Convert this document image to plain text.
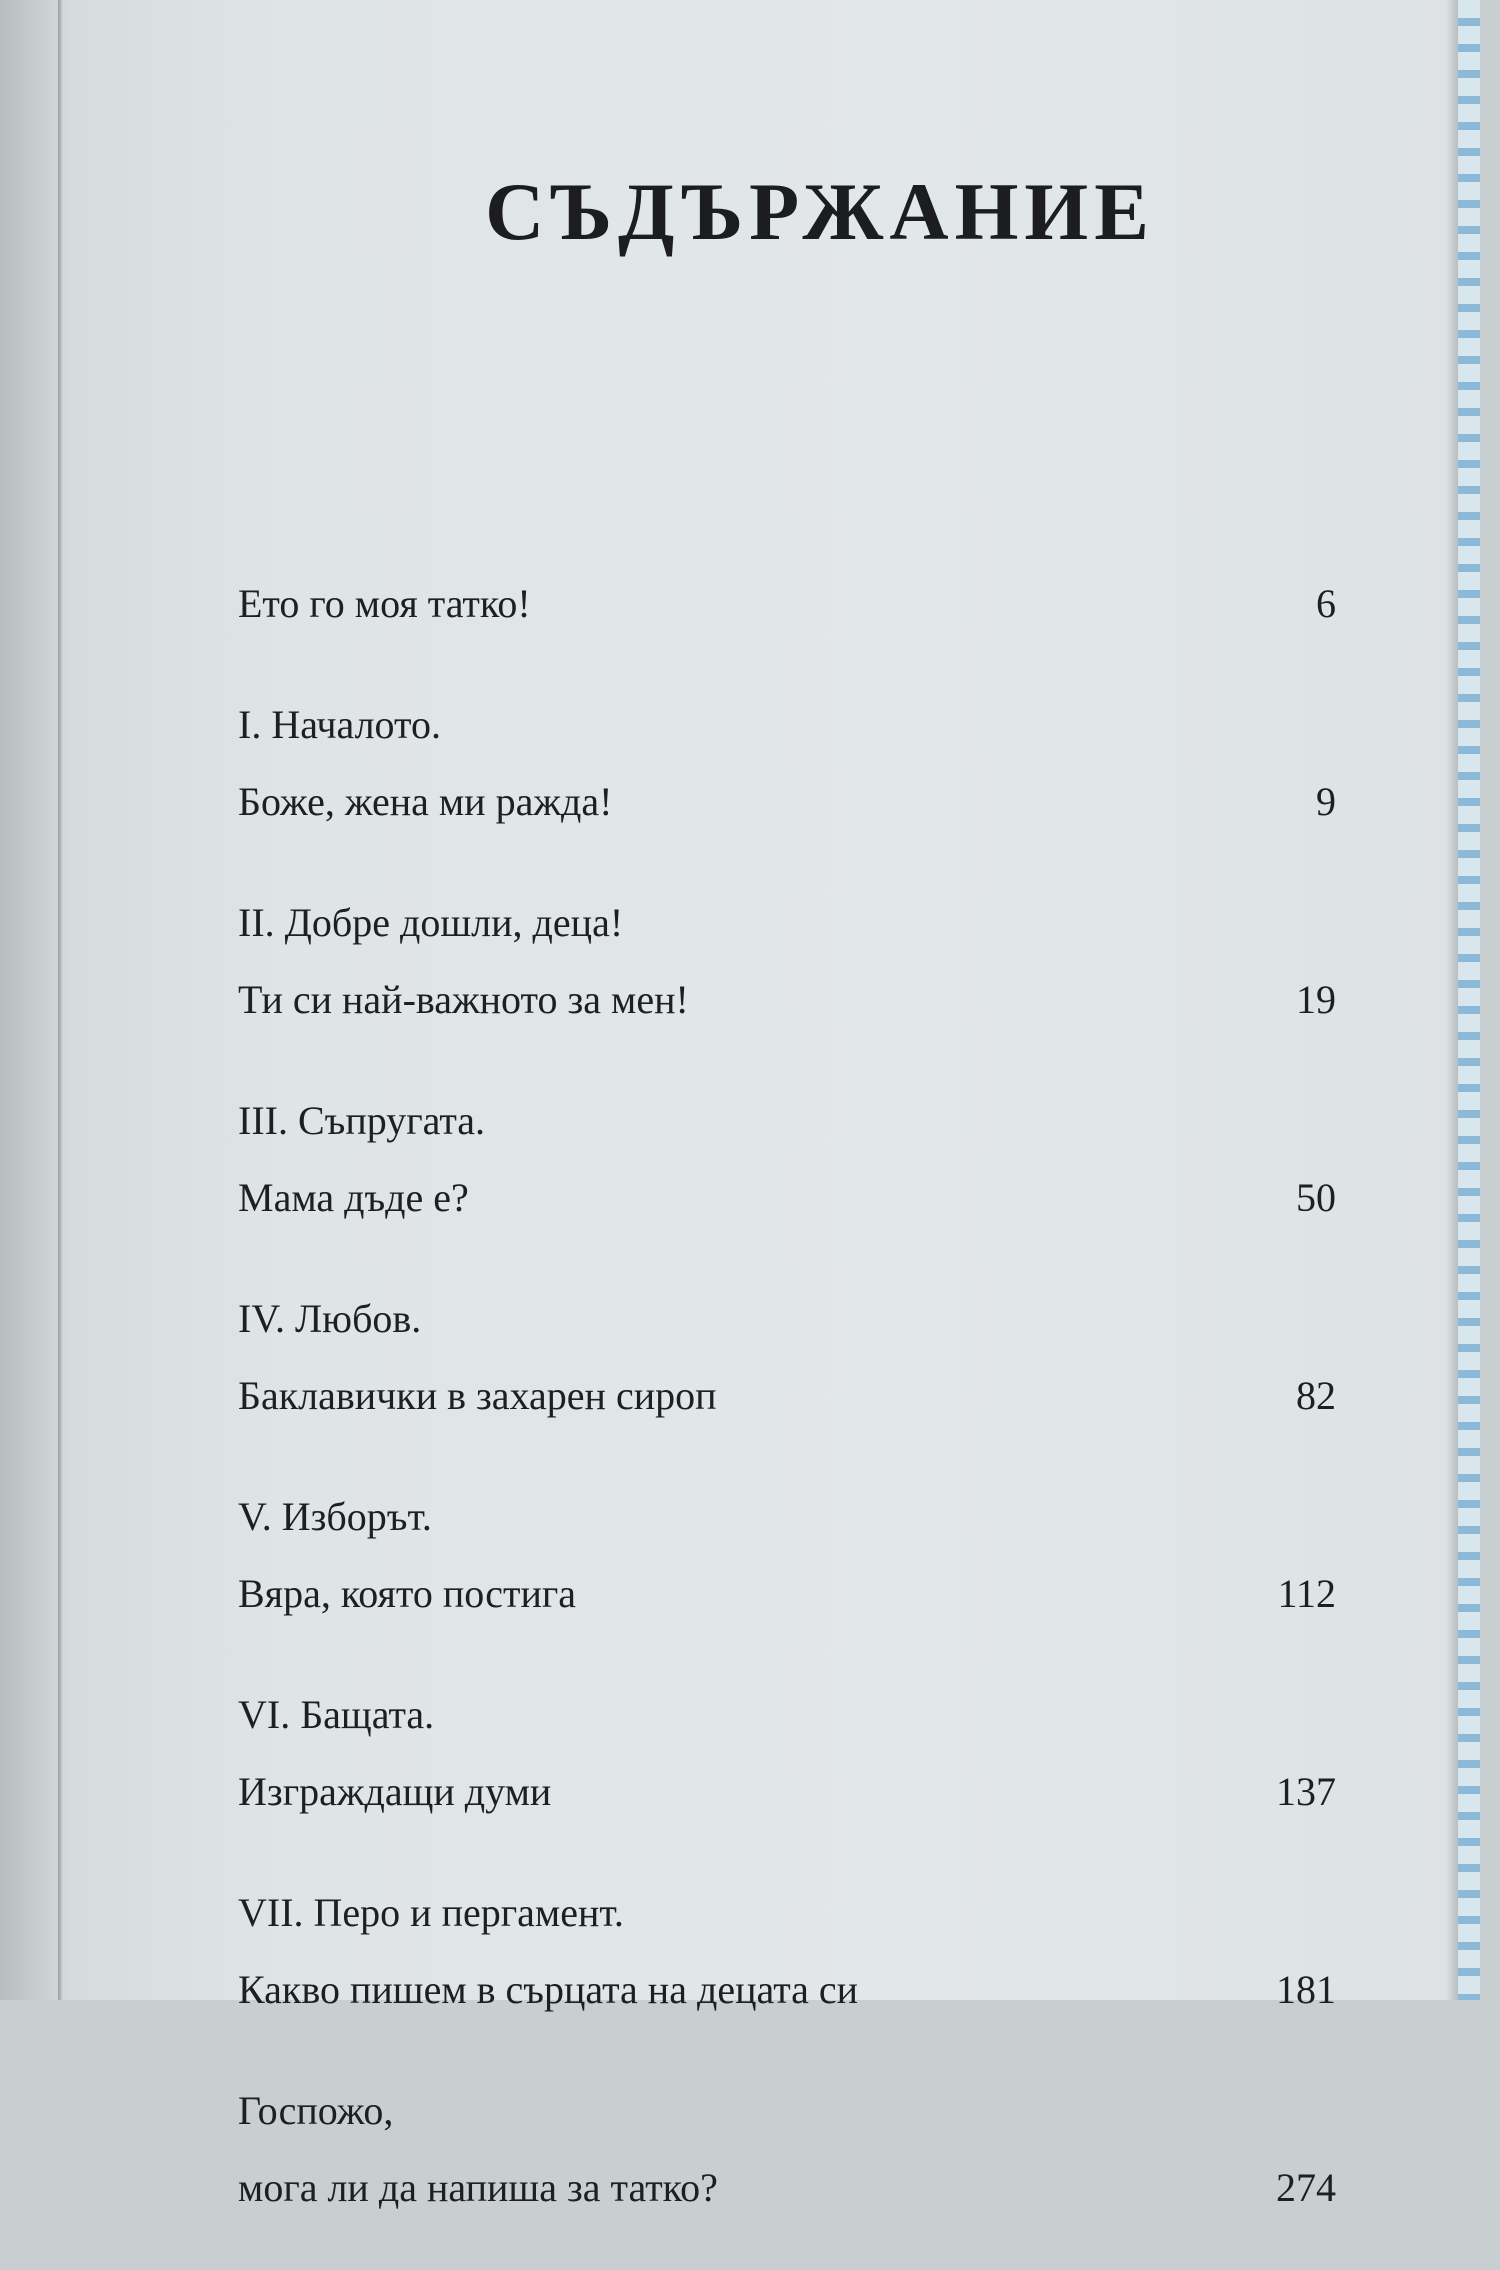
СЪДЪРЖАНИЕ
Ето го моя татко!	6
I. Началото.
Боже, жена ми ражда!	9
II. Добре дошли, деца!
Ти си най-важното за мен!	19
III. Съпругата.
Мама дъде е?	50
IV. Любов.
Баклавички в захарен сироп	82
V. Изборът.
Вяра, която постига	112
VI. Бащата.
Изграждащи думи	137
VII. Перо и пергамент.
Какво пишем в сърцата на децата си	181
Госпожо,
мога ли да напиша за татко?	274
